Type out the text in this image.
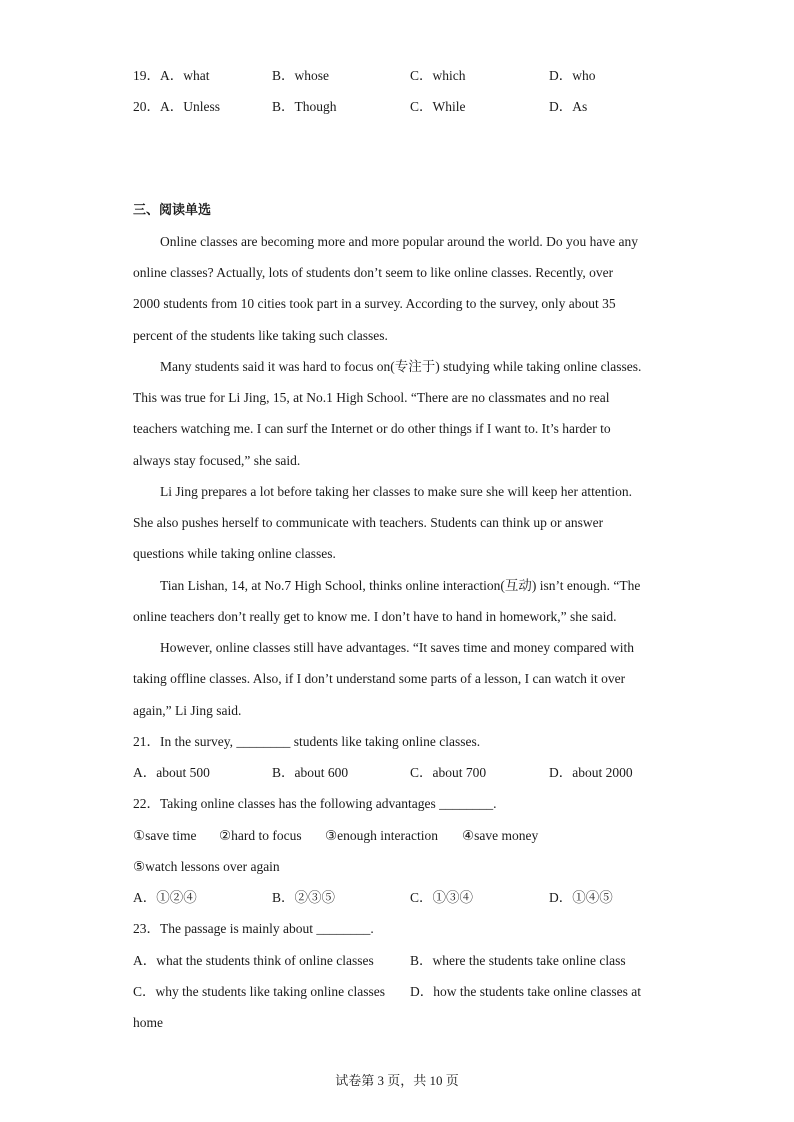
19．A．what	B．whose	C．which	D．who
20．A．Unless	B．Though	C．While	D．As
三、阅读单选
Online classes are becoming more and more popular around the world. Do you have any
online classes? Actually, lots of students don’t seem to like online classes. Recently, over
2000 students from 10 cities took part in a survey. According to the survey, only about 35
percent of the students like taking such classes.
Many students said it was hard to focus on(专注于) studying while taking online classes.
This was true for Li Jing, 15, at No.1 High School. “There are no classmates and no real
teachers watching me. I can surf the Internet or do other things if I want to. It’s harder to
always stay focused,” she said.
Li Jing prepares a lot before taking her classes to make sure she will keep her attention.
She also pushes herself to communicate with teachers. Students can think up or answer
questions while taking online classes.
Tian Lishan, 14, at No.7 High School, thinks online interaction(互动) isn’t enough. “The
online teachers don’t really get to know me. I don’t have to hand in homework,” she said.
However, online classes still have advantages. “It saves time and money compared with
taking offline classes. Also, if I don’t understand some parts of a lesson, I can watch it over
again,” Li Jing said.
21．In the survey, ________ students like taking online classes.
A．about 500	B．about 600	C．about 700	D．about 2000
22．Taking online classes has the following advantages ________.
①save time ②hard to focus ③enough interaction ④save money
⑤watch lessons over again
A．①②④	B．②③⑤	C．①③④	D．①④⑤
23．The passage is mainly about ________.
A．what the students think of online classes	B．where the students take online class
C．why the students like taking online classes D．how the students take online classes at
home
试卷第 3 页，共 10 页
